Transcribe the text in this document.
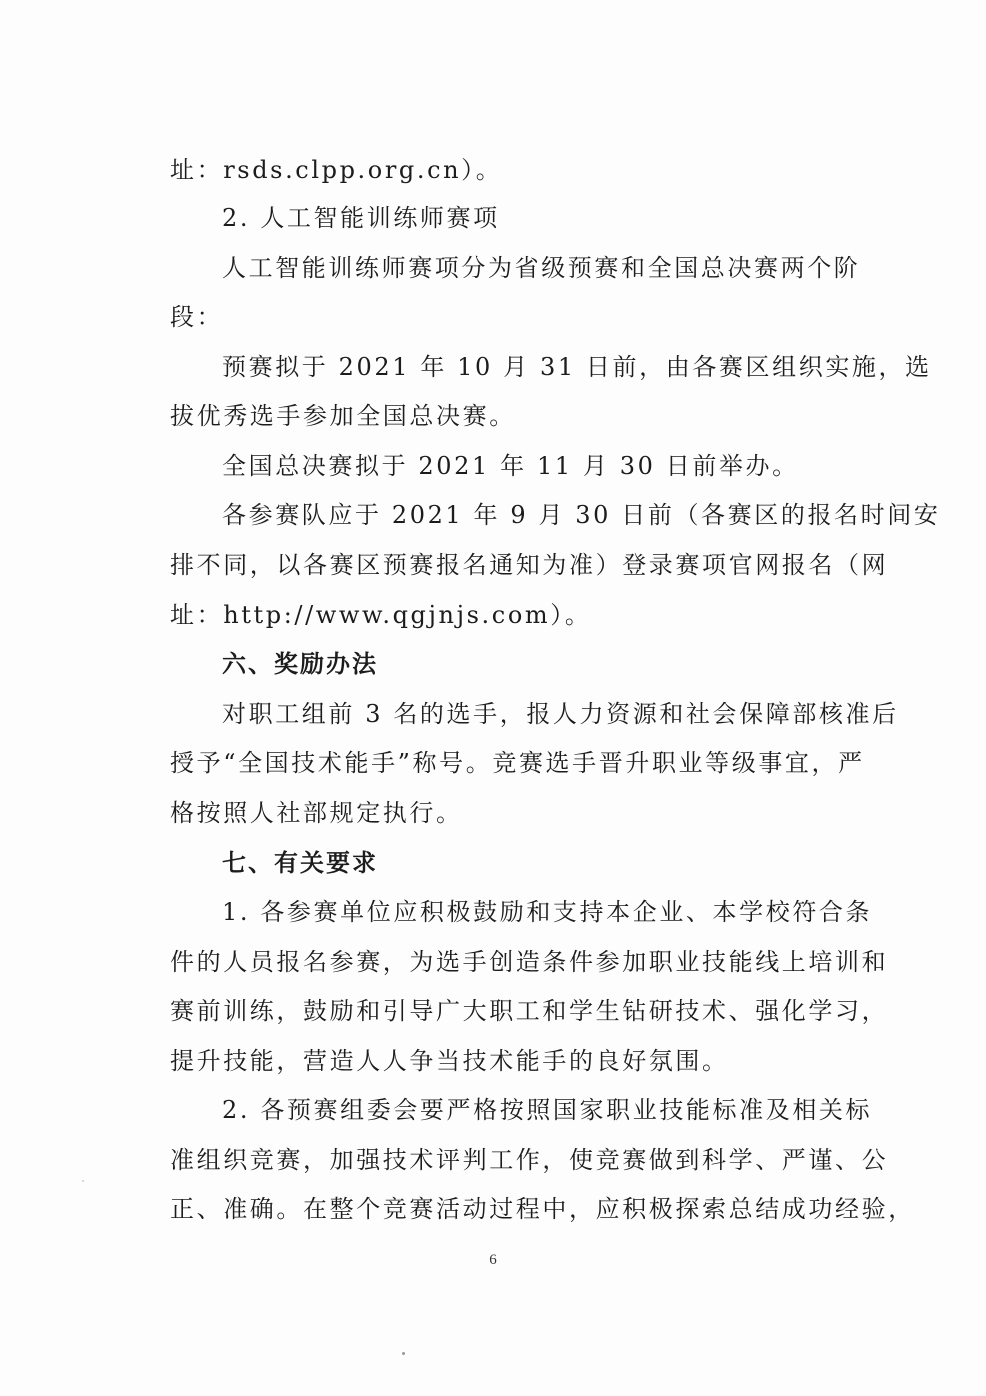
址：rsds.clpp.org.cn）。
2. 人工智能训练师赛项
人工智能训练师赛项分为省级预赛和全国总决赛两个阶
段：
预赛拟于 2021 年 10 月 31 日前，由各赛区组织实施，选
拔优秀选手参加全国总决赛。
全国总决赛拟于 2021 年 11 月 30 日前举办。
各参赛队应于 2021 年 9 月 30 日前（各赛区的报名时间安
排不同，以各赛区预赛报名通知为准）登录赛项官网报名（网
址：http://www.qgjnjs.com）。
六、奖励办法
对职工组前 3 名的选手，报人力资源和社会保障部核准后
授予“全国技术能手”称号。竞赛选手晋升职业等级事宜，严
格按照人社部规定执行。
七、有关要求
1. 各参赛单位应积极鼓励和支持本企业、本学校符合条
件的人员报名参赛，为选手创造条件参加职业技能线上培训和
赛前训练，鼓励和引导广大职工和学生钻研技术、强化学习，
提升技能，营造人人争当技术能手的良好氛围。
2. 各预赛组委会要严格按照国家职业技能标准及相关标
准组织竞赛，加强技术评判工作，使竞赛做到科学、严谨、公
正、准确。在整个竞赛活动过程中，应积极探索总结成功经验，
6
